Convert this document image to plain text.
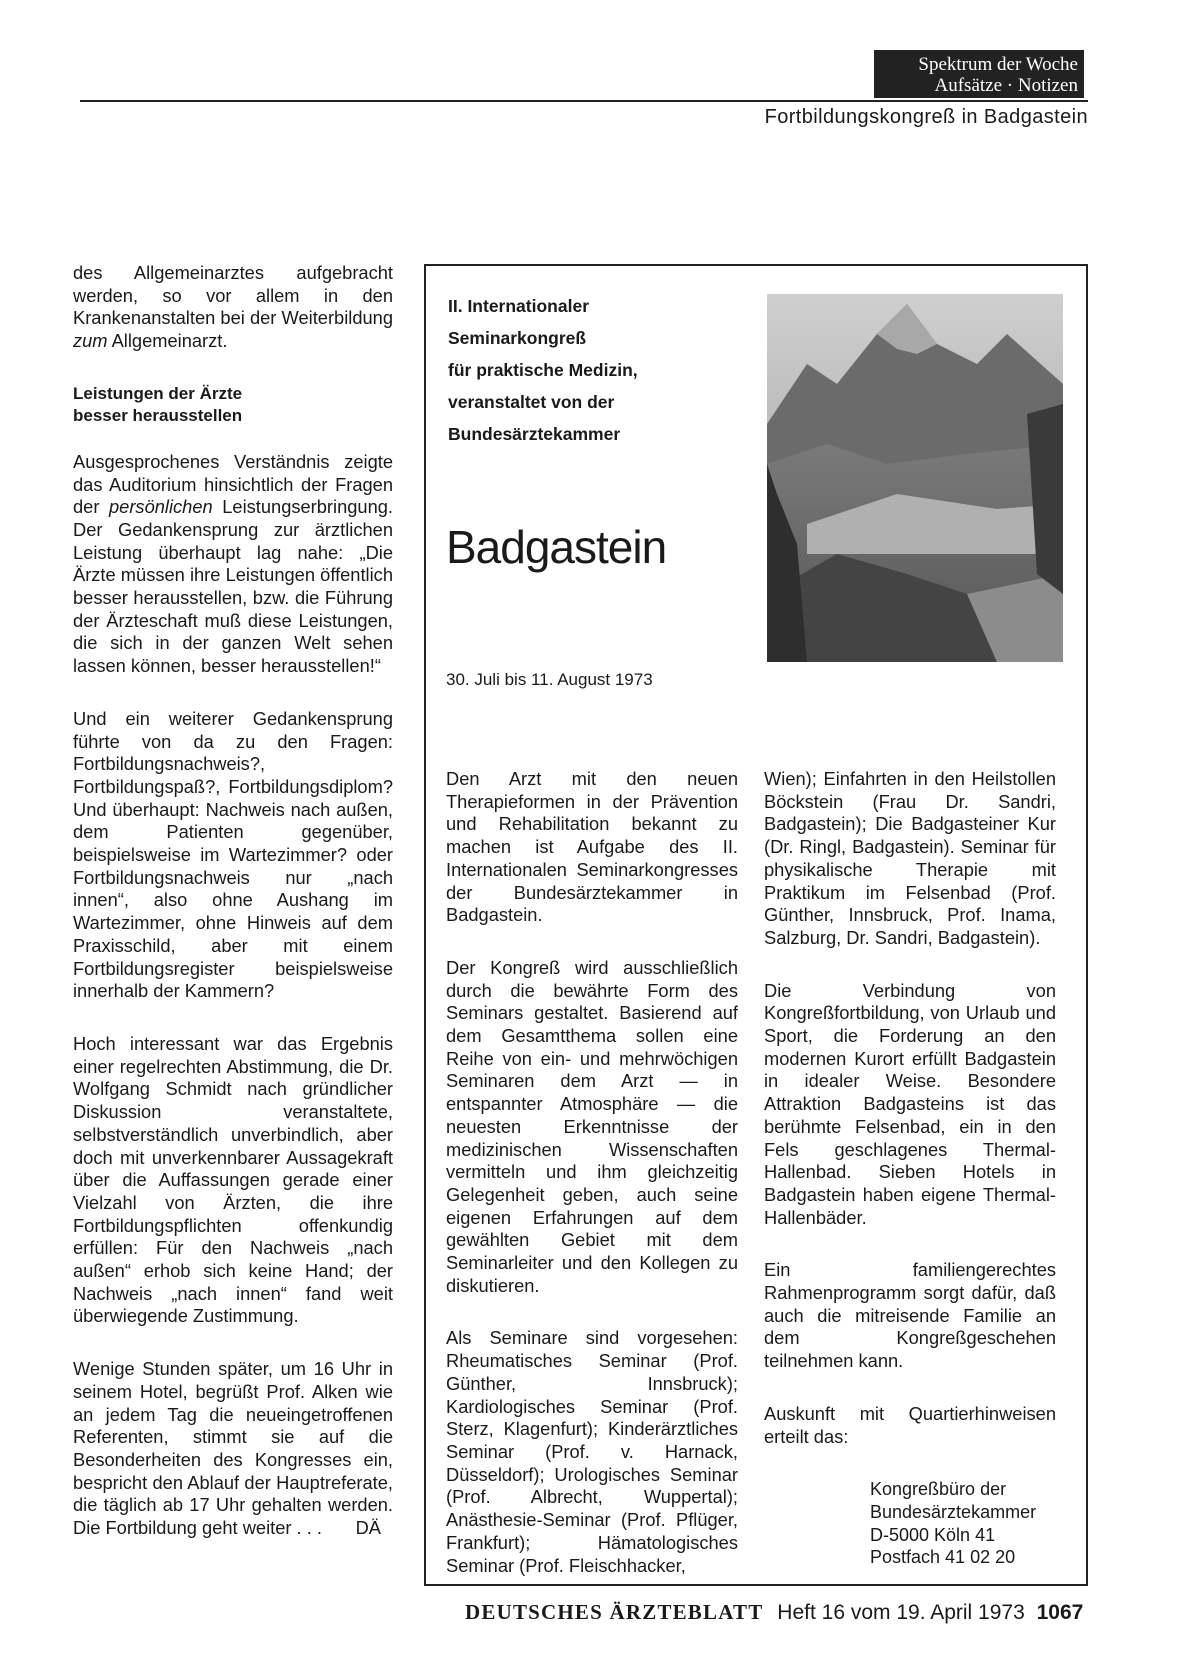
Spektrum der Woche
Aufsätze · Notizen
Fortbildungskongreß in Badgastein

des Allgemeinarztes aufgebracht werden, so vor allem in den Krankenanstalten bei der Weiterbildung zum Allgemeinarzt.

Leistungen der Ärzte
besser herausstellen

Ausgesprochenes Verständnis zeigte das Auditorium hinsichtlich der Fragen der persönlichen Leistungserbringung. Der Gedankensprung zur ärztlichen Leistung überhaupt lag nahe: „Die Ärzte müssen ihre Leistungen öffentlich besser herausstellen, bzw. die Führung der Ärzteschaft muß diese Leistungen, die sich in der ganzen Welt sehen lassen können, besser herausstellen!“

Und ein weiterer Gedankensprung führte von da zu den Fragen: Fortbildungsnachweis?, Fortbildungspaß?, Fortbildungsdiplom? Und überhaupt: Nachweis nach außen, dem Patienten gegenüber, beispielsweise im Wartezimmer? oder Fortbildungsnachweis nur „nach innen“, also ohne Aushang im Wartezimmer, ohne Hinweis auf dem Praxisschild, aber mit einem Fortbildungsregister beispielsweise innerhalb der Kammern?

Hoch interessant war das Ergebnis einer regelrechten Abstimmung, die Dr. Wolfgang Schmidt nach gründlicher Diskussion veranstaltete, selbstverständlich unverbindlich, aber doch mit unverkennbarer Aussagekraft über die Auffassungen gerade einer Vielzahl von Ärzten, die ihre Fortbildungspflichten offenkundig erfüllen: Für den Nachweis „nach außen“ erhob sich keine Hand; der Nachweis „nach innen“ fand weit überwiegende Zustimmung.

Wenige Stunden später, um 16 Uhr in seinem Hotel, begrüßt Prof. Alken wie an jedem Tag die neueingetroffenen Referenten, stimmt sie auf die Besonderheiten des Kongresses ein, bespricht den Ablauf der Hauptreferate, die täglich ab 17 Uhr gehalten werden. Die Fortbildung geht weiter . . . DÄ

II. Internationaler
Seminarkongreß
für praktische Medizin,
veranstaltet von der
Bundesärztekammer
Badgastein
30. Juli bis 11. August 1973

Den Arzt mit den neuen Therapieformen in der Prävention und Rehabilitation bekannt zu machen ist Aufgabe des II. Internationalen Seminarkongresses der Bundesärztekammer in Badgastein.

Der Kongreß wird ausschließlich durch die bewährte Form des Seminars gestaltet. Basierend auf dem Gesamtthema sollen eine Reihe von ein- und mehrwöchigen Seminaren dem Arzt — in entspannter Atmosphäre — die neuesten Erkenntnisse der medizinischen Wissenschaften vermitteln und ihm gleichzeitig Gelegenheit geben, auch seine eigenen Erfahrungen auf dem gewählten Gebiet mit dem Seminarleiter und den Kollegen zu diskutieren.

Als Seminare sind vorgesehen: Rheumatisches Seminar (Prof. Günther, Innsbruck); Kardiologisches Seminar (Prof. Sterz, Klagenfurt); Kinderärztliches Seminar (Prof. v. Harnack, Düsseldorf); Urologisches Seminar (Prof. Albrecht, Wuppertal); Anästhesie-Seminar (Prof. Pflüger, Frankfurt); Hämatologisches Seminar (Prof. Fleischhacker,

Wien); Einfahrten in den Heilstollen Böckstein (Frau Dr. Sandri, Badgastein); Die Badgasteiner Kur (Dr. Ringl, Badgastein). Seminar für physikalische Therapie mit Praktikum im Felsenbad (Prof. Günther, Innsbruck, Prof. Inama, Salzburg, Dr. Sandri, Badgastein).

Die Verbindung von Kongreßfortbildung, von Urlaub und Sport, die Forderung an den modernen Kurort erfüllt Badgastein in idealer Weise. Besondere Attraktion Badgasteins ist das berühmte Felsenbad, ein in den Fels geschlagenes Thermal-Hallenbad. Sieben Hotels in Badgastein haben eigene Thermal-Hallenbäder.

Ein familiengerechtes Rahmenprogramm sorgt dafür, daß auch die mitreisende Familie an dem Kongreßgeschehen teilnehmen kann.

Auskunft mit Quartierhinweisen erteilt das:

Kongreßbüro der
Bundesärztekammer
D-5000 Köln 41
Postfach 41 02 20
DEUTSCHES ÄRZTEBLATT Heft 16 vom 19. April 1973 1067
